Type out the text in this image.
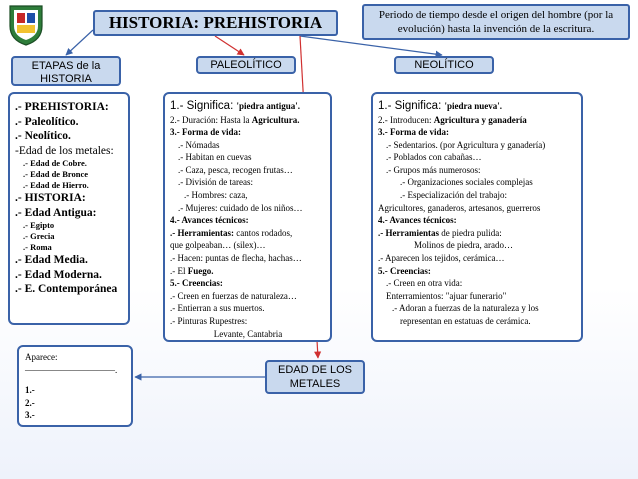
HISTORIA: PREHISTORIA	Periodo de tiempo desde el origen del hombre (por la evolución) hasta la invención de la escritura.
ETAPAS de la HISTORIA
PALEOLÍTICO	NEOLÍTICO
EDAD DE LOS METALES
.- PREHISTORIA:
.- Paleolítico.
.- Neolítico.
-Edad de los metales:
.- Edad de Cobre.
.- Edad de Bronce
.- Edad de Hierro.
.- HISTORIA:
.- Edad Antigua:
.- Egipto
.- Grecia
.- Roma
.- Edad Media.
.- Edad Moderna.
.- E. Contemporánea
1.- Significa: 'piedra antigua'.
2.- Duración: Hasta la Agricultura.
3.- Forma de vida:
.- Nómadas
.- Habitan en cuevas
.- Caza, pesca, recogen frutas…
.- División de tareas:
.- Hombres: caza,
.- Mujeres: cuidado de los niños…
4.- Avances técnicos:
.- Herramientas: cantos rodados,
que golpeaban… (silex)…
.- Hacen: puntas de flecha, hachas…
.- El Fuego.
5.- Creencias:
.- Creen en fuerzas de naturaleza…
.- Entierran a sus muertos.
.- Pinturas Rupestres:
Levante, Cantabria
1.- Significa: 'piedra nueva'.
2.- Introducen: Agricultura y ganadería
3.- Forma de vida:
.- Sedentarios. (por Agricultura y ganadería)
.- Poblados con cabañas…
.- Grupos más numerosos:
.- Organizaciones sociales complejas
.- Especialización del trabajo:
Agricultores, ganaderos, artesanos, guerreros
4.- Avances técnicos:
.- Herramientas de piedra pulida:
Molinos de piedra, arado…
.- Aparecen los tejidos, cerámica…
5.- Creencias:
.- Creen en otra vida:
Enterramientos: "ajuar funerario"
.- Adoran a fuerzas de la naturaleza y los
representan en estatuas de cerámica.
Aparece:
——————————.
1.-
2.-
3.-
